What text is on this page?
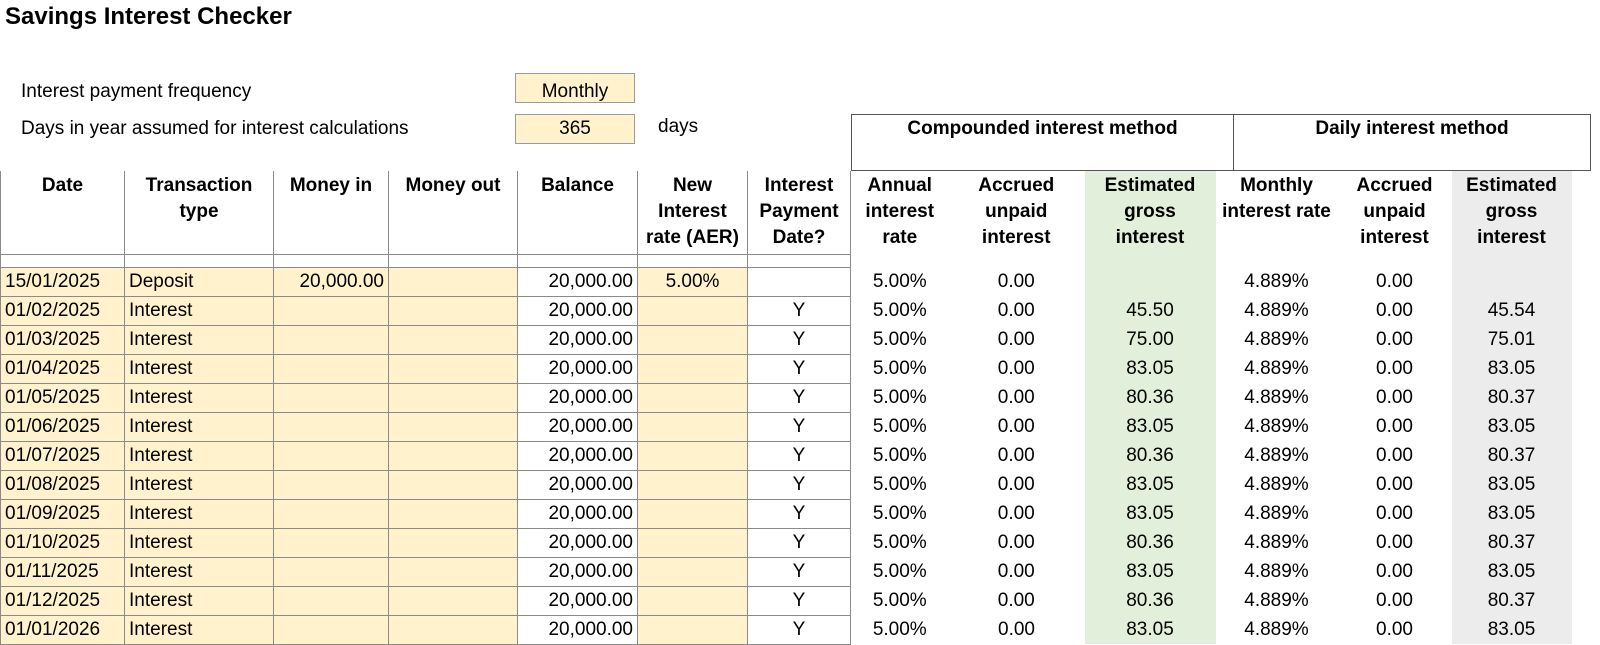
Savings Interest Checker
Interest payment frequency	Monthly
Days in year assumed for interest calculations	365	days	Compounded interest method	Daily interest method
Date	Transaction type	Money in	Money out	Balance	New Interest rate (AER)	Interest Payment Date?	Annual interest rate	Accrued unpaid interest	Estimated gross interest	Monthly interest rate	Accrued unpaid interest	Estimated gross interest

15/01/2025	Deposit	20,000.00		20,000.00	5.00%		5.00%	0.00		4.889%	0.00	
01/02/2025	Interest			20,000.00		Y	5.00%	0.00	45.50	4.889%	0.00	45.54
01/03/2025	Interest			20,000.00		Y	5.00%	0.00	75.00	4.889%	0.00	75.01
01/04/2025	Interest			20,000.00		Y	5.00%	0.00	83.05	4.889%	0.00	83.05
01/05/2025	Interest			20,000.00		Y	5.00%	0.00	80.36	4.889%	0.00	80.37
01/06/2025	Interest			20,000.00		Y	5.00%	0.00	83.05	4.889%	0.00	83.05
01/07/2025	Interest			20,000.00		Y	5.00%	0.00	80.36	4.889%	0.00	80.37
01/08/2025	Interest			20,000.00		Y	5.00%	0.00	83.05	4.889%	0.00	83.05
01/09/2025	Interest			20,000.00		Y	5.00%	0.00	83.05	4.889%	0.00	83.05
01/10/2025	Interest			20,000.00		Y	5.00%	0.00	80.36	4.889%	0.00	80.37
01/11/2025	Interest			20,000.00		Y	5.00%	0.00	83.05	4.889%	0.00	83.05
01/12/2025	Interest			20,000.00		Y	5.00%	0.00	80.36	4.889%	0.00	80.37
01/01/2026	Interest			20,000.00		Y	5.00%	0.00	83.05	4.889%	0.00	83.05
